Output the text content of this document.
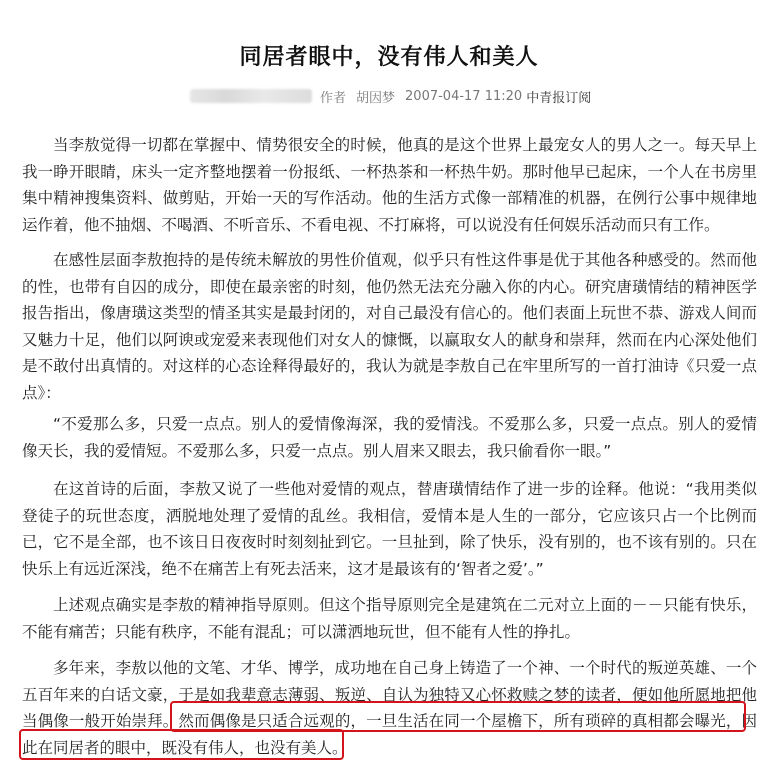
同居者眼中，没有伟人和美人
作者 胡因梦 2007-04-17 11:20 中青报订阅

当李敖觉得一切都在掌握中、情势很安全的时候，他真的是这个世界上最宠女人的男人之一。每天早上我一睁开眼睛，床头一定齐整地摆着一份报纸、一杯热茶和一杯热牛奶。那时他早已起床，一个人在书房里集中精神搜集资料、做剪贴，开始一天的写作活动。他的生活方式像一部精准的机器，在例行公事中规律地运作着，他不抽烟、不喝酒、不听音乐、不看电视、不打麻将，可以说没有任何娱乐活动而只有工作。

在感性层面李敖抱持的是传统未解放的男性价值观，似乎只有性这件事是优于其他各种感受的。然而他的性，也带有自囚的成分，即使在最亲密的时刻，他仍然无法充分融入你的内心。研究唐璜情结的精神医学报告指出，像唐璜这类型的情圣其实是最封闭的，对自己最没有信心的。他们表面上玩世不恭、游戏人间而又魅力十足，他们以阿谀或宠爱来表现他们对女人的慷慨，以赢取女人的献身和崇拜，然而在内心深处他们是不敢付出真情的。对这样的心态诠释得最好的，我认为就是李敖自己在牢里所写的一首打油诗《只爱一点点》：

“不爱那么多，只爱一点点。别人的爱情像海深，我的爱情浅。不爱那么多，只爱一点点。别人的爱情像天长，我的爱情短。不爱那么多，只爱一点点。别人眉来又眼去，我只偷看你一眼。”

在这首诗的后面，李敖又说了一些他对爱情的观点，替唐璜情结作了进一步的诠释。他说：“我用类似登徒子的玩世态度，洒脱地处理了爱情的乱丝。我相信，爱情本是人生的一部分，它应该只占一个比例而已，它不是全部，也不该日日夜夜时时刻刻扯到它。一旦扯到，除了快乐，没有别的，也不该有别的。只在快乐上有远近深浅，绝不在痛苦上有死去活来，这才是最该有的‘智者之爱’。”

上述观点确实是李敖的精神指导原则。但这个指导原则完全是建筑在二元对立上面的－－只能有快乐，不能有痛苦；只能有秩序，不能有混乱；可以潇洒地玩世，但不能有人性的挣扎。

多年来，李敖以他的文笔、才华、博学，成功地在自己身上铸造了一个神、一个时代的叛逆英雄、一个五百年来的白话文豪，于是如我辈意志薄弱、叛逆、自认为独特又心怀救赎之梦的读者，便如他所愿地把他当偶像一般开始崇拜。然而偶像是只适合远观的，一旦生活在同一个屋檐下，所有琐碎的真相都会曝光，因此在同居者的眼中，既没有伟人，也没有美人。
